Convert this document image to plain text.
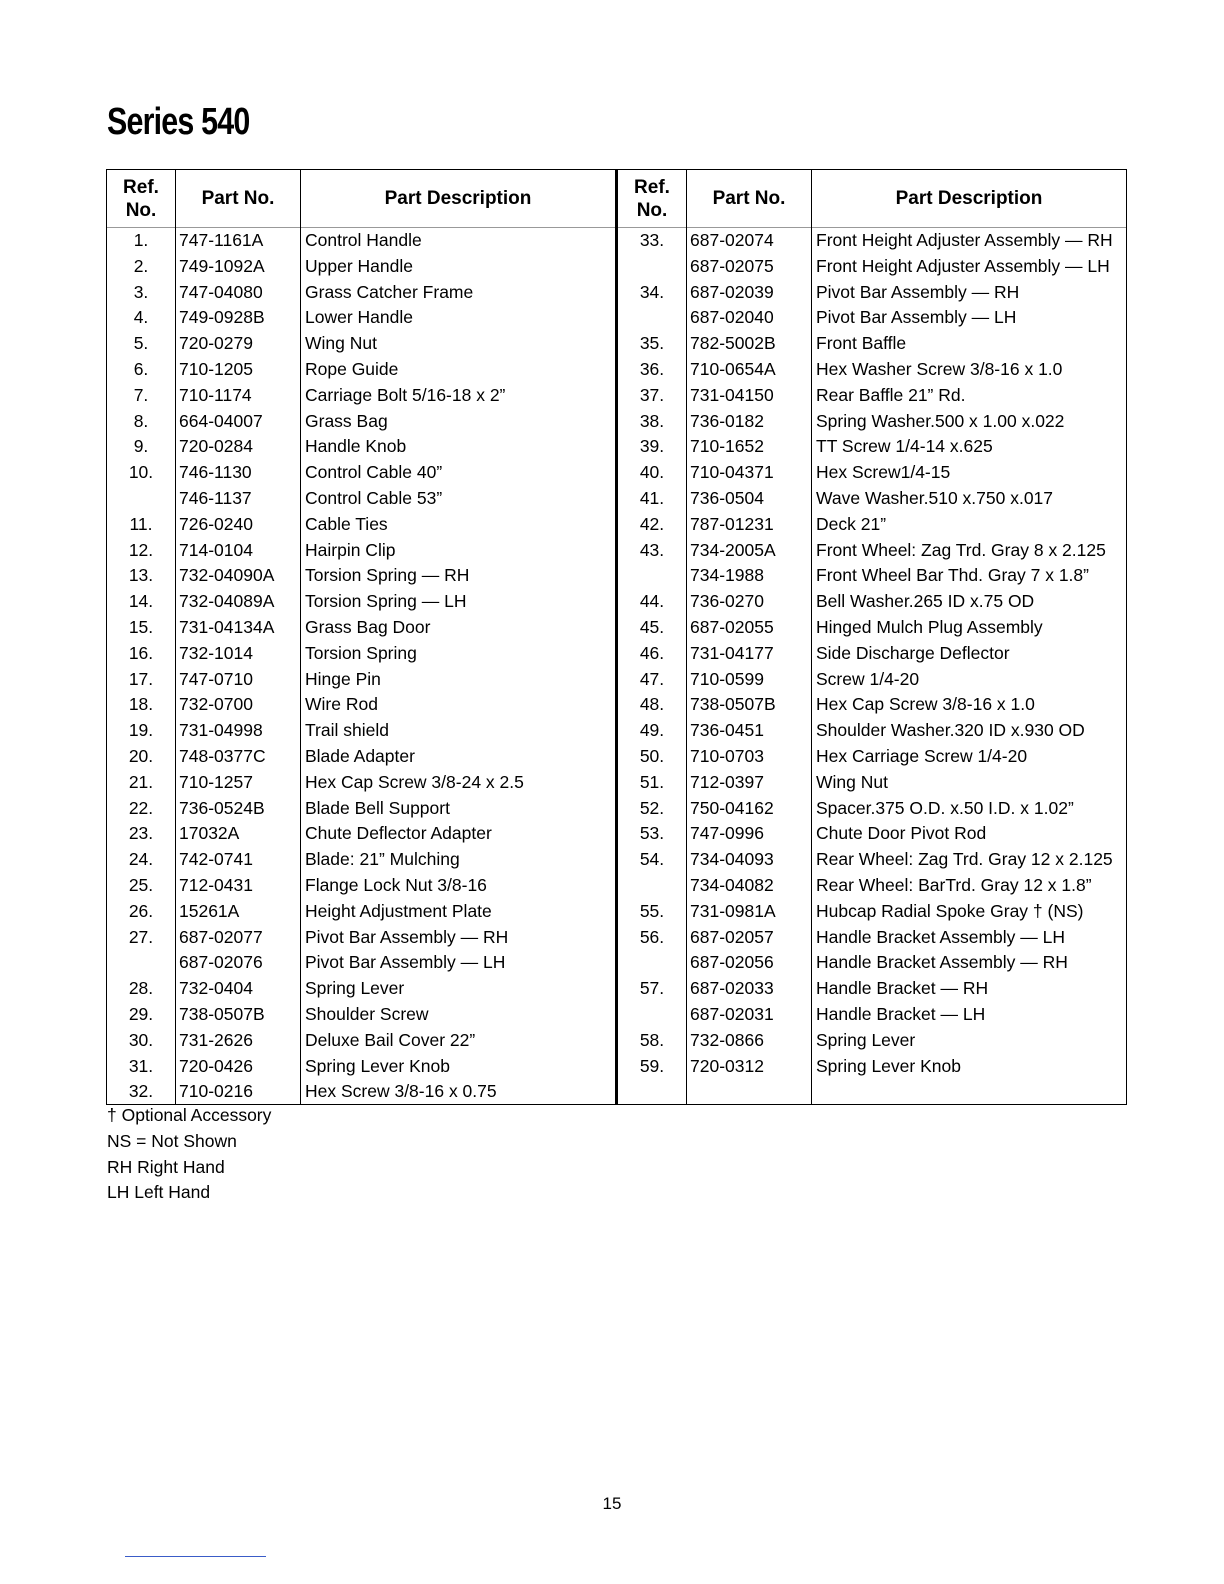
Series 540
Ref.
No.
Part No.	Part Description
1.	747-1161A Control Handle
2.	749-1092A Upper Handle
3.	747-04080 Grass Catcher Frame
4.	749-0928B Lower Handle
5.	720-0279	Wing Nut
6.	710-1205	Rope Guide
7.	710-1174	Carriage Bolt 5/16-18 x 2”
8.	664-04007 Grass Bag
9.	720-0284	Handle Knob
10.	746-1130	Control Cable 40”
746-1137	Control Cable 53”
11.	726-0240	Cable Ties
12.	714-0104	Hairpin Clip
13.	732-04090A Torsion Spring — RH
14.	732-04089A Torsion Spring — LH
15.	731-04134A Grass Bag Door
16.	732-1014	Torsion Spring
17.	747-0710	Hinge Pin
18.	732-0700	Wire Rod
19.	731-04998 Trail shield
20.	748-0377C Blade Adapter
21.	710-1257	Hex Cap Screw 3/8-24 x 2.5
22.	736-0524B Blade Bell Support
23.	17032A	Chute Deflector Adapter
24.	742-0741	Blade: 21” Mulching
25.	712-0431	Flange Lock Nut 3/8-16
26.	15261A	Height Adjustment Plate
27.	687-02077 Pivot Bar Assembly — RH
687-02076 Pivot Bar Assembly — LH
28.	732-0404	Spring Lever
29.	738-0507B Shoulder Screw
30.	731-2626	Deluxe Bail Cover 22”
31.	720-0426	Spring Lever Knob
32.	710-0216	Hex Screw 3/8-16 x 0.75
Ref.
No.
Part No.	Part Description
33.	687-02074 Front Height Adjuster Assembly — RH
687-02075 Front Height Adjuster Assembly — LH
34.	687-02039 Pivot Bar Assembly — RH
687-02040 Pivot Bar Assembly — LH
35.	782-5002B Front Baffle
36.	710-0654A Hex Washer Screw 3/8-16 x 1.0
37.	731-04150 Rear Baffle 21” Rd.
38.	736-0182	Spring Washer.500 x 1.00 x.022
39.	710-1652	TT Screw 1/4-14 x.625
40.	710-04371 Hex Screw1/4-15
41.	736-0504	Wave Washer.510 x.750 x.017
42.	787-01231 Deck 21”
43.	734-2005A Front Wheel: Zag Trd. Gray 8 x 2.125
734-1988	Front Wheel Bar Thd. Gray 7 x 1.8”
44.	736-0270	Bell Washer.265 ID x.75 OD
45.	687-02055 Hinged Mulch Plug Assembly
46.	731-04177 Side Discharge Deflector
47.	710-0599	Screw 1/4-20
48.	738-0507B Hex Cap Screw 3/8-16 x 1.0
49.	736-0451	Shoulder Washer.320 ID x.930 OD
50.	710-0703	Hex Carriage Screw 1/4-20
51.	712-0397	Wing Nut
52.	750-04162 Spacer.375 O.D. x.50 I.D. x 1.02”
53.	747-0996	Chute Door Pivot Rod
54.	734-04093 Rear Wheel: Zag Trd. Gray 12 x 2.125
734-04082 Rear Wheel: BarTrd. Gray 12 x 1.8”
55.	731-0981A Hubcap Radial Spoke Gray † (NS)
56.	687-02057 Handle Bracket Assembly — LH
687-02056 Handle Bracket Assembly — RH
57.	687-02033 Handle Bracket — RH
687-02031 Handle Bracket — LH
58.	732-0866	Spring Lever
59.	720-0312	Spring Lever Knob
† Optional Accessory
NS = Not Shown
RH Right Hand
LH Left Hand
15
